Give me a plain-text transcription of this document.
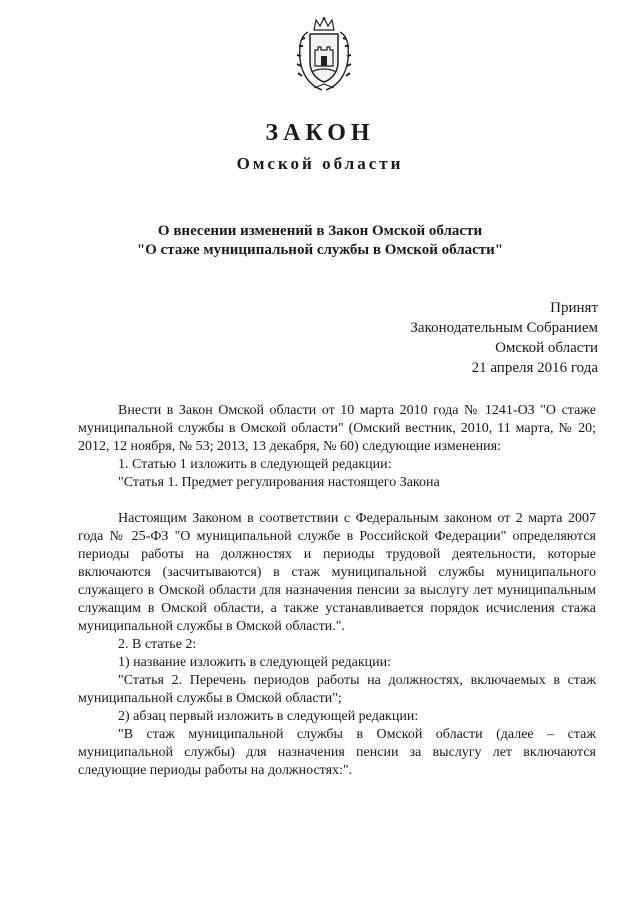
ЗАКОН
Омской области
О внесении изменений в Закон Омской области
"О стаже муниципальной службы в Омской области"
Принят
Законодательным Собранием
Омской области
21 апреля 2016 года

Внести в Закон Омской области от 10 марта 2010 года № 1241-ОЗ "О стаже муниципальной службы в Омской области" (Омский вестник, 2010, 11 марта, № 20; 2012, 12 ноября, № 53; 2013, 13 декабря, № 60) следующие изменения:

1. Статью 1 изложить в следующей редакции:

"Статья 1. Предмет регулирования настоящего Закона

Настоящим Законом в соответствии с Федеральным законом от 2 марта 2007 года № 25-ФЗ "О муниципальной службе в Российской Федерации" определяются периоды работы на должностях и периоды трудовой деятельности, которые включаются (засчитываются) в стаж муниципальной службы муниципального служащего в Омской области для назначения пенсии за выслугу лет муниципальным служащим в Омской области, а также устанавливается порядок исчисления стажа муниципальной службы в Омской области.".

2. В статье 2:

1) название изложить в следующей редакции:

"Статья 2. Перечень периодов работы на должностях, включаемых в стаж муниципальной службы в Омской области";

2) абзац первый изложить в следующей редакции:

"В стаж муниципальной службы в Омской области (далее – стаж муниципальной службы) для назначения пенсии за выслугу лет включаются следующие периоды работы на должностях:".
